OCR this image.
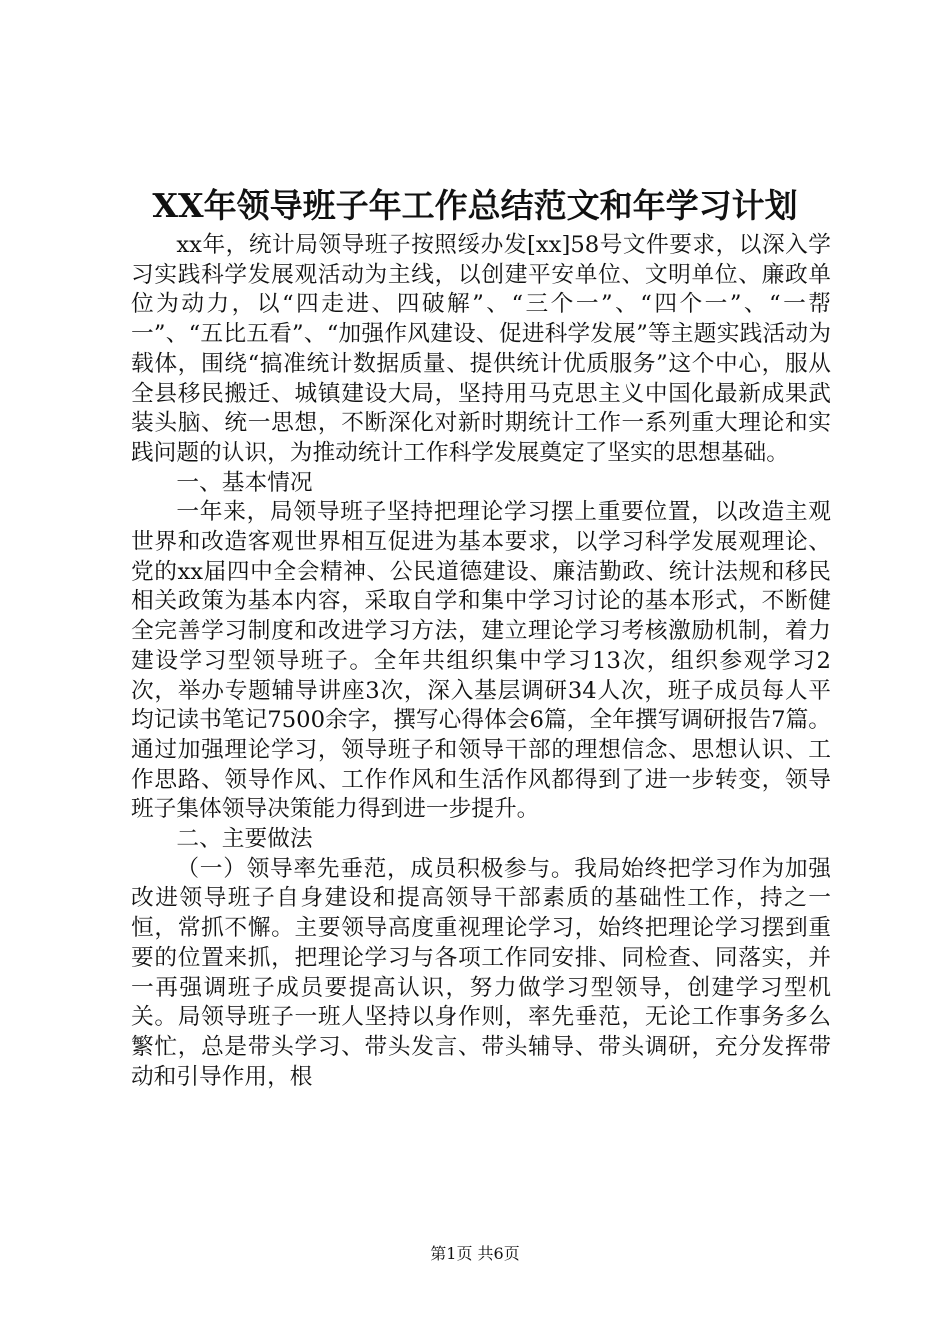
XX年领导班子年工作总结范文和年学习计划

xx年，统计局领导班子按照绥办发[xx]58号文件要求，以深入学习实践科学发展观活动为主线，以创建平安单位、文明单位、廉政单位为动力，以“四走进、四破解”、“三个一”、“四个一”、“一帮一”、“五比五看”、“加强作风建设、促进科学发展”等主题实践活动为载体，围绕“搞准统计数据质量、提供统计优质服务”这个中心，服从全县移民搬迁、城镇建设大局，坚持用马克思主义中国化最新成果武装头脑、统一思想，不断深化对新时期统计工作一系列重大理论和实践问题的认识，为推动统计工作科学发展奠定了坚实的思想基础。

一、基本情况

一年来，局领导班子坚持把理论学习摆上重要位置，以改造主观世界和改造客观世界相互促进为基本要求，以学习科学发展观理论、党的xx届四中全会精神、公民道德建设、廉洁勤政、统计法规和移民相关政策为基本内容，采取自学和集中学习讨论的基本形式，不断健全完善学习制度和改进学习方法，建立理论学习考核激励机制，着力建设学习型领导班子。全年共组织集中学习13次，组织参观学习2次，举办专题辅导讲座3次，深入基层调研34人次，班子成员每人平均记读书笔记7500余字，撰写心得体会6篇，全年撰写调研报告7篇。通过加强理论学习，领导班子和领导干部的理想信念、思想认识、工作思路、领导作风、工作作风和生活作风都得到了进一步转变，领导班子集体领导决策能力得到进一步提升。

二、主要做法

（一）领导率先垂范，成员积极参与。我局始终把学习作为加强改进领导班子自身建设和提高领导干部素质的基础性工作，持之一恒，常抓不懈。主要领导高度重视理论学习，始终把理论学习摆到重要的位置来抓，把理论学习与各项工作同安排、同检查、同落实，并一再强调班子成员要提高认识，努力做学习型领导，创建学习型机关。局领导班子一班人坚持以身作则，率先垂范，无论工作事务多么繁忙，总是带头学习、带头发言、带头辅导、带头调研，充分发挥带动和引导作用，根

第1页 共6页
